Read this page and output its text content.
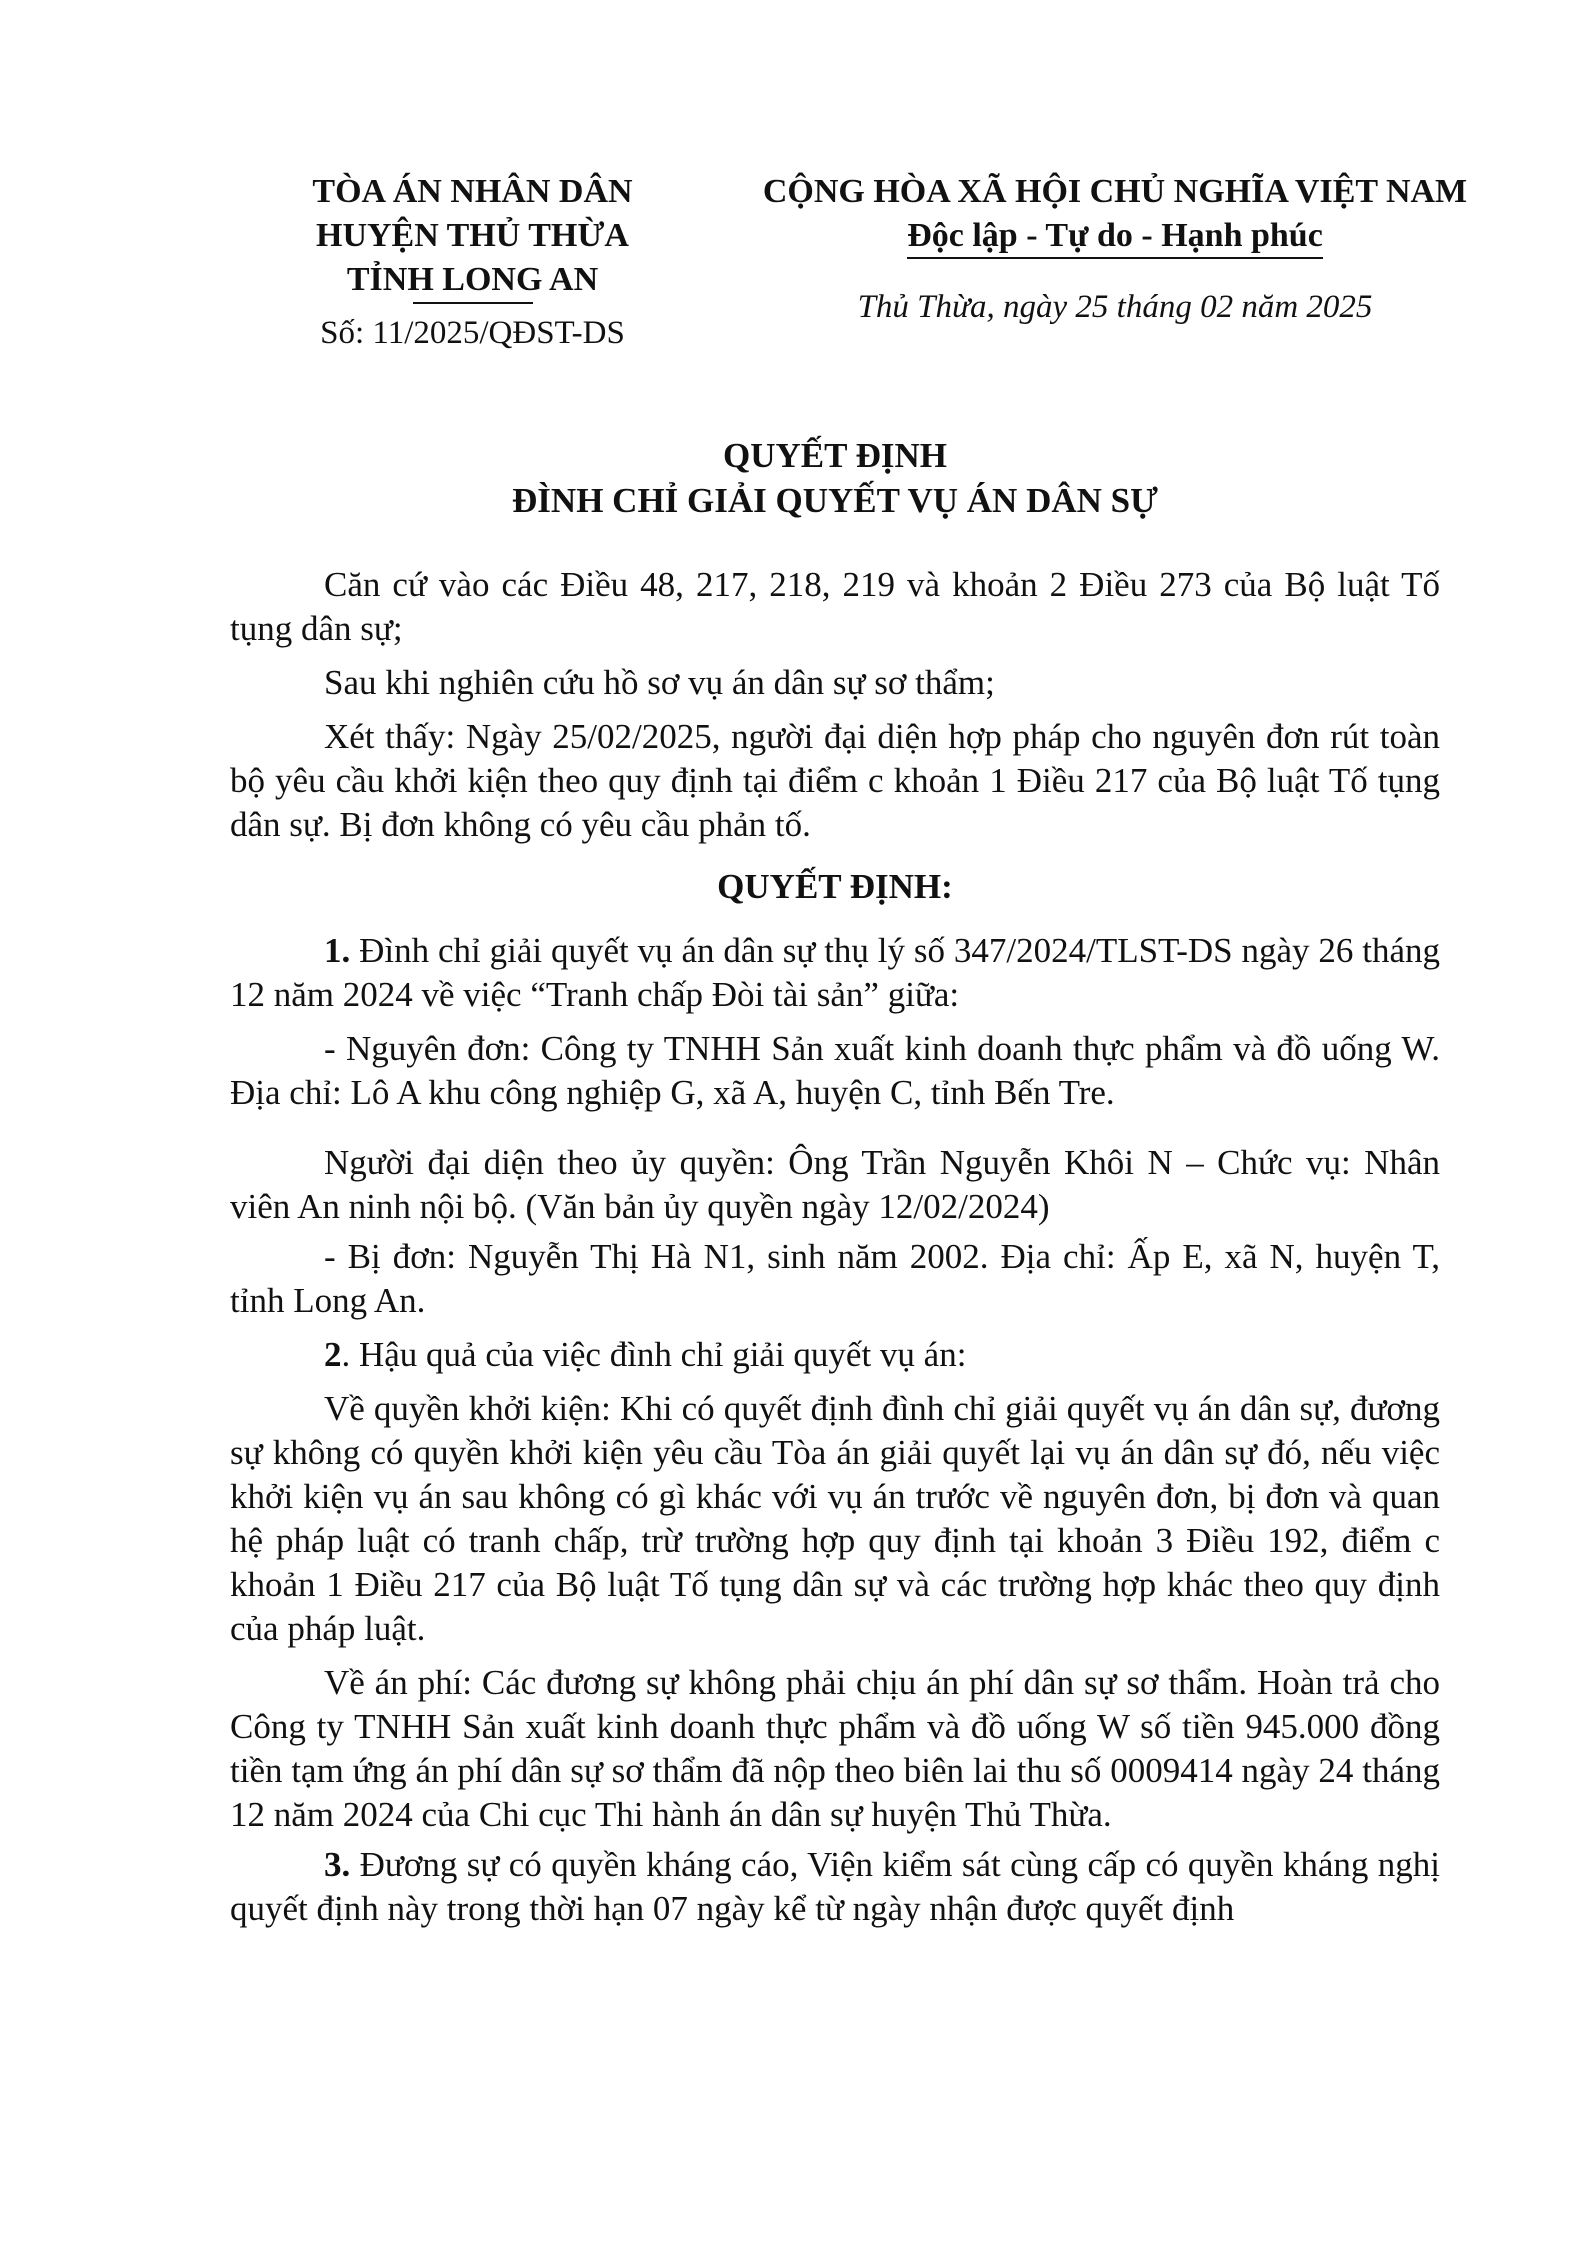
TÒA ÁN NHÂN DÂN
HUYỆN THỦ THỪA
TỈNH LONG AN
Số: 11/2025/QĐST-DS
CỘNG HÒA XÃ HỘI CHỦ NGHĨA VIỆT NAM
Độc lập - Tự do - Hạnh phúc
Thủ Thừa, ngày 25 tháng 02 năm 2025
QUYẾT ĐỊNH
ĐÌNH CHỈ GIẢI QUYẾT VỤ ÁN DÂN SỰ

Căn cứ vào các Điều 48, 217, 218, 219 và khoản 2 Điều 273 của Bộ luật Tố tụng dân sự;

Sau khi nghiên cứu hồ sơ vụ án dân sự sơ thẩm;

Xét thấy: Ngày 25/02/2025, người đại diện hợp pháp cho nguyên đơn rút toàn bộ yêu cầu khởi kiện theo quy định tại điểm c khoản 1 Điều 217 của Bộ luật Tố tụng dân sự. Bị đơn không có yêu cầu phản tố.

QUYẾT ĐỊNH:

1. Đình chỉ giải quyết vụ án dân sự thụ lý số 347/2024/TLST-DS ngày 26 tháng 12 năm 2024 về việc “Tranh chấp Đòi tài sản” giữa:

- Nguyên đơn: Công ty TNHH Sản xuất kinh doanh thực phẩm và đồ uống W. Địa chỉ: Lô A khu công nghiệp G, xã A, huyện C, tỉnh Bến Tre.

Người đại diện theo ủy quyền: Ông Trần Nguyễn Khôi N – Chức vụ: Nhân viên An ninh nội bộ. (Văn bản ủy quyền ngày 12/02/2024)

- Bị đơn: Nguyễn Thị Hà N1, sinh năm 2002. Địa chỉ: Ấp E, xã N, huyện T, tỉnh Long An.

2. Hậu quả của việc đình chỉ giải quyết vụ án:

Về quyền khởi kiện: Khi có quyết định đình chỉ giải quyết vụ án dân sự, đương sự không có quyền khởi kiện yêu cầu Tòa án giải quyết lại vụ án dân sự đó, nếu việc khởi kiện vụ án sau không có gì khác với vụ án trước về nguyên đơn, bị đơn và quan hệ pháp luật có tranh chấp, trừ trường hợp quy định tại khoản 3 Điều 192, điểm c khoản 1 Điều 217 của Bộ luật Tố tụng dân sự và các trường hợp khác theo quy định của pháp luật.

Về án phí: Các đương sự không phải chịu án phí dân sự sơ thẩm. Hoàn trả cho Công ty TNHH Sản xuất kinh doanh thực phẩm và đồ uống W số tiền 945.000 đồng tiền tạm ứng án phí dân sự sơ thẩm đã nộp theo biên lai thu số 0009414 ngày 24 tháng 12 năm 2024 của Chi cục Thi hành án dân sự huyện Thủ Thừa.

3. Đương sự có quyền kháng cáo, Viện kiểm sát cùng cấp có quyền kháng nghị quyết định này trong thời hạn 07 ngày kể từ ngày nhận được quyết định
